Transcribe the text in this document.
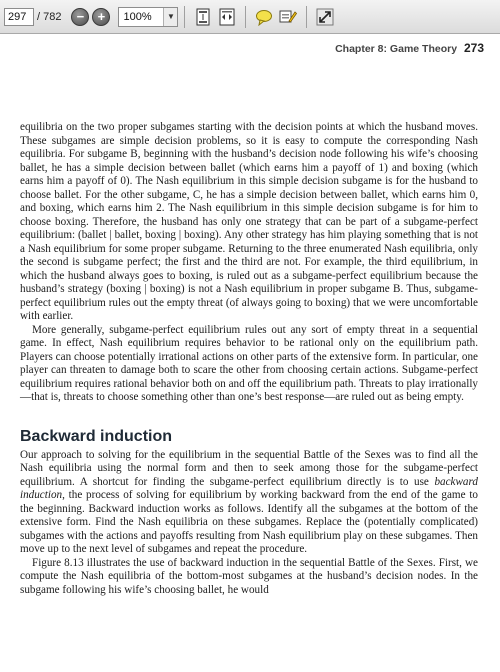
297
/ 782 − +	100%	▼
Chapter 8: Game Theory 273

equilibria on the two proper subgames starting with the decision points at which the husband moves. These subgames are simple decision problems, so it is easy to compute the corresponding Nash equilibria. For subgame B, beginning with the husband’s decision node following his wife’s choosing ballet, he has a simple decision between ballet (which earns him a payoff of 1) and boxing (which earns him a payoff of 0). The Nash equilibrium in this simple decision subgame is for the husband to choose ballet. For the other subgame, C, he has a simple decision between ballet, which earns him 0, and boxing, which earns him 2. The Nash equilibrium in this simple decision subgame is for him to choose boxing. Therefore, the husband has only one strategy that can be part of a subgame-perfect equilibrium: (ballet | ballet, boxing | boxing). Any other strategy has him playing something that is not a Nash equilibrium for some proper subgame. Returning to the three enumerated Nash equilibria, only the second is subgame perfect; the first and the third are not. For example, the third equilibrium, in which the husband always goes to boxing, is ruled out as a subgame-perfect equilibrium because the husband’s strategy (boxing | boxing) is not a Nash equilibrium in proper subgame B. Thus, subgame-perfect equilibrium rules out the empty threat (of always going to boxing) that we were uncomfortable with earlier.

More generally, subgame-perfect equilibrium rules out any sort of empty threat in a sequential game. In effect, Nash equilibrium requires behavior to be rational only on the equilibrium path. Players can choose potentially irrational actions on other parts of the extensive form. In particular, one player can threaten to damage both to scare the other from choosing certain actions. Subgame-perfect equilibrium requires rational behavior both on and off the equilibrium path. Threats to play irrationally—that is, threats to choose something other than one’s best response—are ruled out as being empty.

Backward induction

Our approach to solving for the equilibrium in the sequential Battle of the Sexes was to find all the Nash equilibria using the normal form and then to seek among those for the subgame-perfect equilibrium. A shortcut for finding the subgame-perfect equilibrium directly is to use backward induction, the process of solving for equilibrium by working backward from the end of the game to the beginning. Backward induction works as follows. Identify all the subgames at the bottom of the extensive form. Find the Nash equilibria on these subgames. Replace the (potentially complicated) subgames with the actions and payoffs resulting from Nash equilibrium play on these subgames. Then move up to the next level of subgames and repeat the procedure.

Figure 8.13 illustrates the use of backward induction in the sequential Battle of the Sexes. First, we compute the Nash equilibria of the bottom-most subgames at the husband’s decision nodes. In the subgame following his wife’s choosing ballet, he would
